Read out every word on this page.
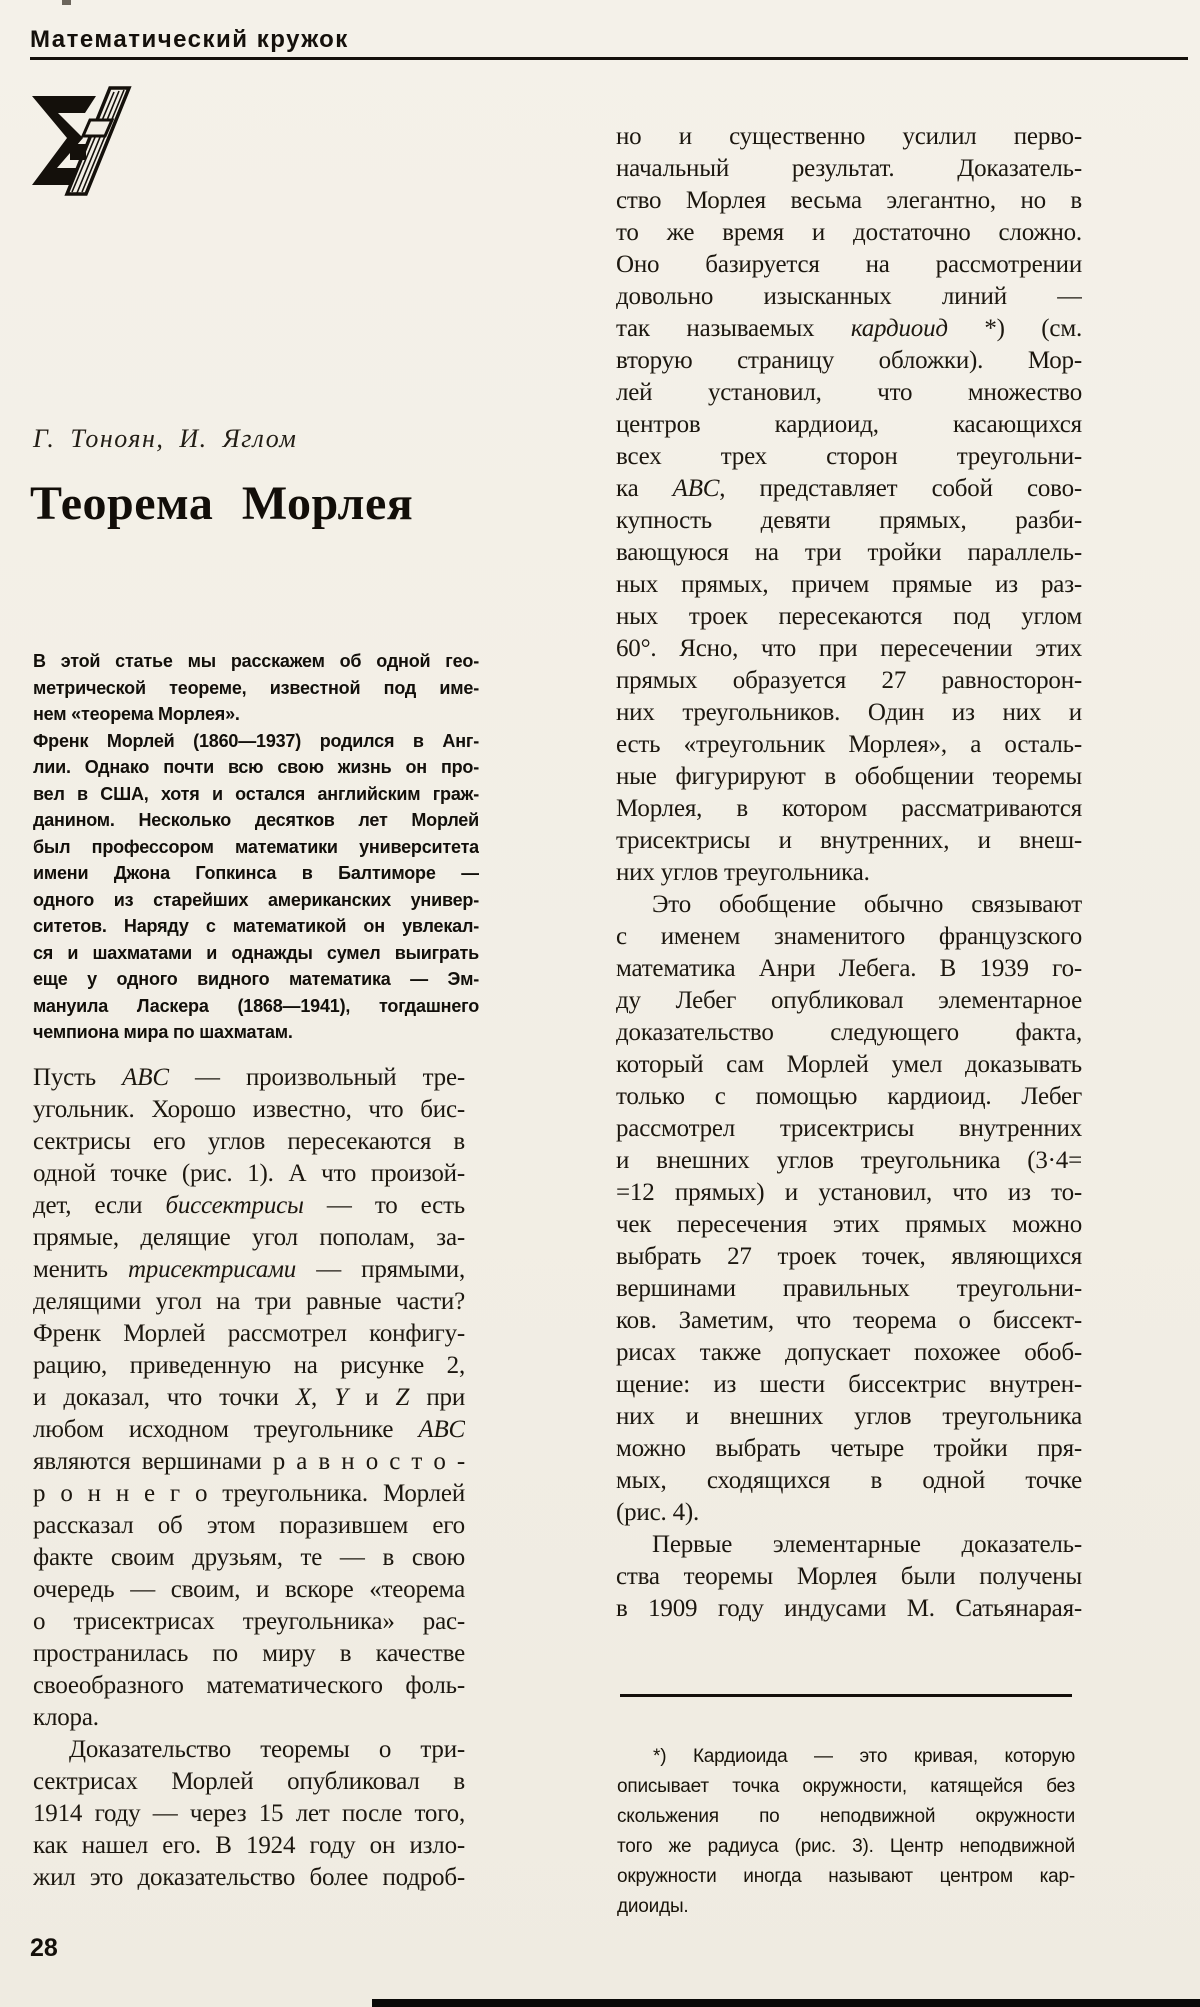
Математический кружок
Г. Тоноян, И. Яглом
Теорема Морлея
В этой статье мы расскажем об одной гео-
метрической теореме, известной под име-
нем «теорема Морлея».
Френк Морлей (1860—1937) родился в Анг-
лии. Однако почти всю свою жизнь он про-
вел в США, хотя и остался английским граж-
данином. Несколько десятков лет Морлей
был профессором математики университета
имени Джона Гопкинса в Балтиморе —
одного из старейших американских универ-
ситетов. Наряду с математикой он увлекал-
ся и шахматами и однажды сумел выиграть
еще у одного видного математика — Эм-
мануила Ласкера (1868—1941), тогдашнего
чемпиона мира по шахматам.
Пусть ABC — произвольный тре-
угольник. Хорошо известно, что бис-
сектрисы его углов пересекаются в
одной точке (рис. 1). А что произой-
дет, если биссектрисы — то есть
прямые, делящие угол пополам, за-
менить трисектрисами — прямыми,
делящими угол на три равные части?
Френк Морлей рассмотрел конфигу-
рацию, приведенную на рисунке 2,
и доказал, что точки X, Y и Z при
любом исходном треугольнике ABC
являются вершинами р а в н о с т о -
р о н н е г о треугольника. Морлей
рассказал об этом поразившем его
факте своим друзьям, те — в свою
очередь — своим, и вскоре «теорема
о трисектрисах треугольника» рас-
пространилась по миру в качестве
своеобразного математического фоль-
клора.
Доказательство теоремы о три-
сектрисах Морлей опубликовал в
1914 году — через 15 лет после того,
как нашел его. В 1924 году он изло-
жил это доказательство более подроб-
но и существенно усилил перво-
начальный результат. Доказатель-
ство Морлея весьма элегантно, но в
то же время и достаточно сложно.
Оно базируется на рассмотрении
довольно изысканных линий —
так называемых кардиоид *) (см.
вторую страницу обложки). Мор-
лей установил, что множество
центров кардиоид, касающихся
всех трех сторон треугольни-
ка ABC, представляет собой сово-
купность девяти прямых, разби-
вающуюся на три тройки параллель-
ных прямых, причем прямые из раз-
ных троек пересекаются под углом
60°. Ясно, что при пересечении этих
прямых образуется 27 равносторон-
них треугольников. Один из них и
есть «треугольник Морлея», а осталь-
ные фигурируют в обобщении теоремы
Морлея, в котором рассматриваются
трисектрисы и внутренних, и внеш-
них углов треугольника.
Это обобщение обычно связывают
с именем знаменитого французского
математика Анри Лебега. В 1939 го-
ду Лебег опубликовал элементарное
доказательство следующего факта,
который сам Морлей умел доказывать
только с помощью кардиоид. Лебег
рассмотрел трисектрисы внутренних
и внешних углов треугольника (3·4=
=12 прямых) и установил, что из то-
чек пересечения этих прямых можно
выбрать 27 троек точек, являющихся
вершинами правильных треугольни-
ков. Заметим, что теорема о биссект-
рисах также допускает похожее обоб-
щение: из шести биссектрис внутрен-
них и внешних углов треугольника
можно выбрать четыре тройки пря-
мых, сходящихся в одной точке
(рис. 4).
Первые элементарные доказатель-
ства теоремы Морлея были получены
в 1909 году индусами М. Сатьянарая-
*) Кардиоида — это кривая, которую
описывает точка окружности, катящейся без
скольжения по неподвижной окружности
того же радиуса (рис. 3). Центр неподвижной
окружности иногда называют центром кар-
диоиды.
28
